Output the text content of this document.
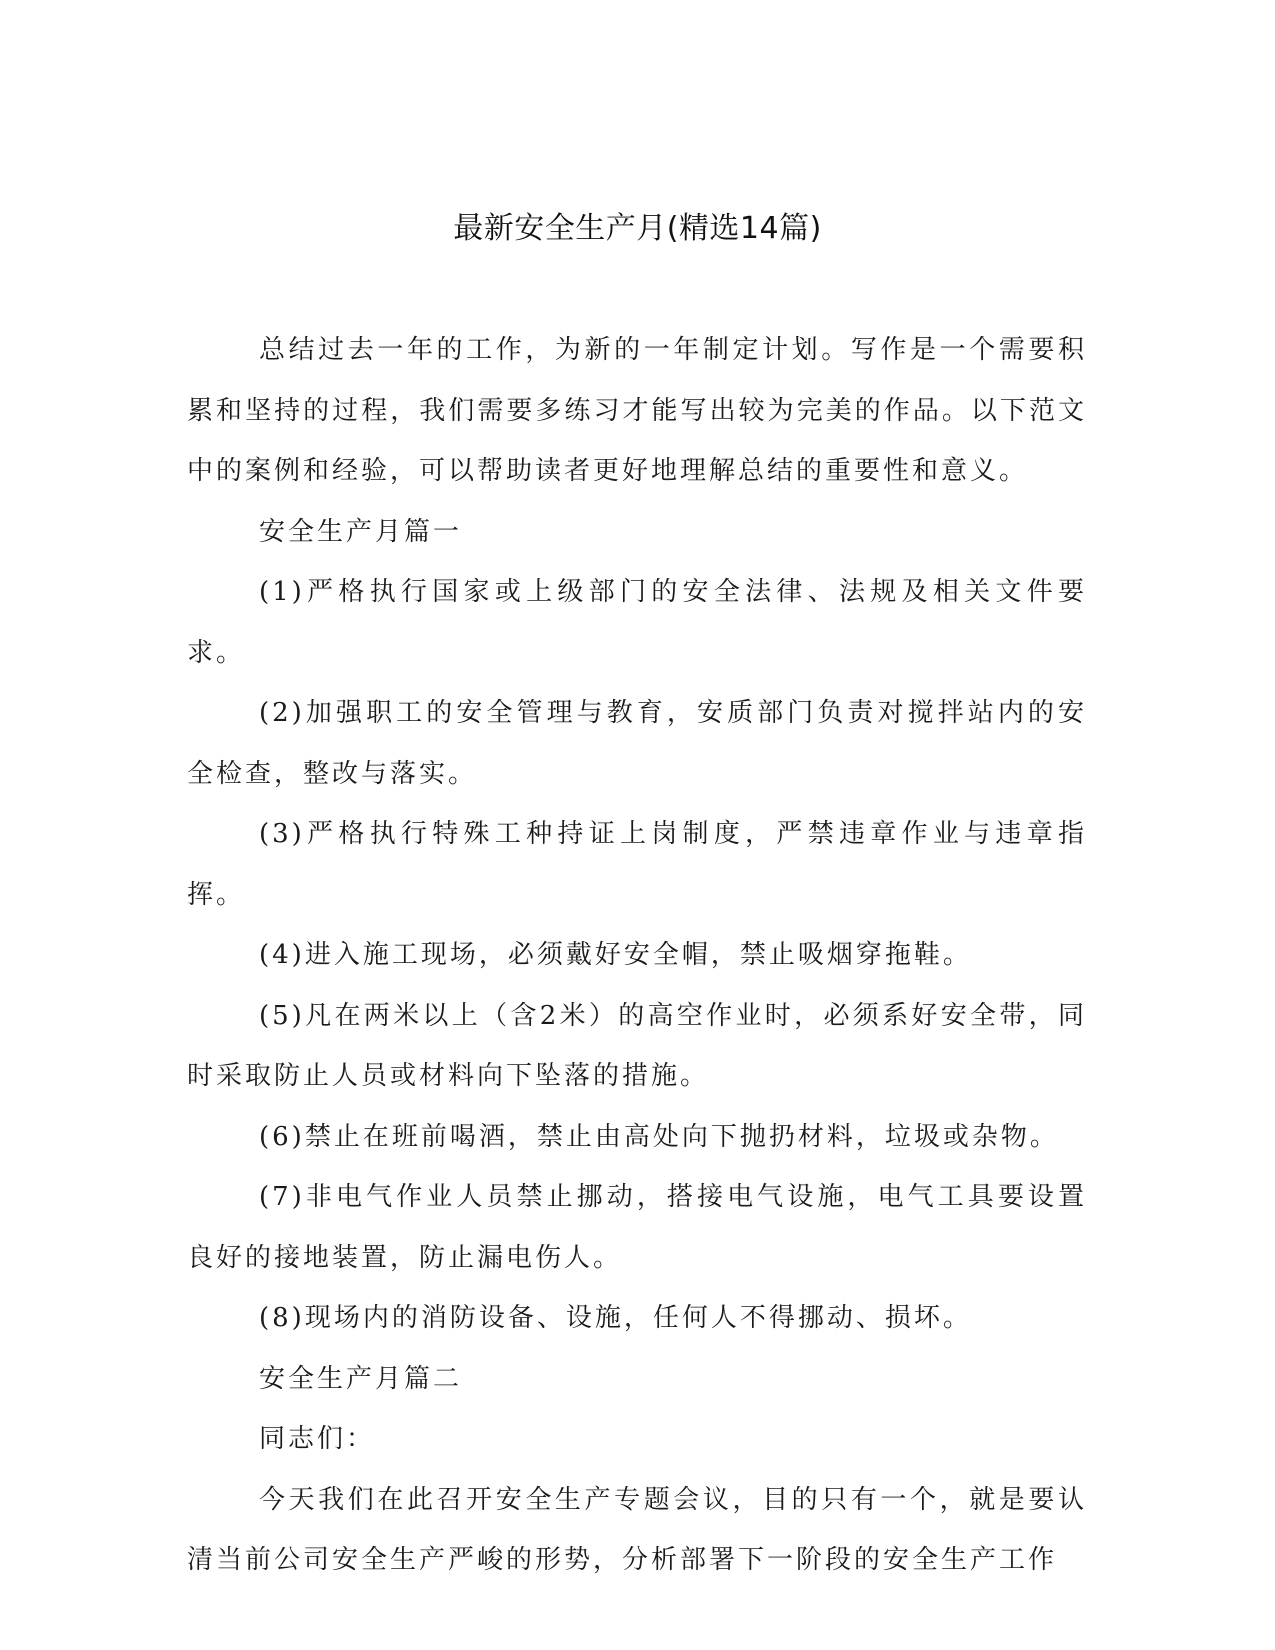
最新安全生产月(精选14篇)

总结过去一年的工作，为新的一年制定计划。写作是一个需要积累和坚持的过程，我们需要多练习才能写出较为完美的作品。以下范文中的案例和经验，可以帮助读者更好地理解总结的重要性和意义。

安全生产月篇一

(1)严格执行国家或上级部门的安全法律、法规及相关文件要求。

(2)加强职工的安全管理与教育，安质部门负责对搅拌站内的安全检查，整改与落实。

(3)严格执行特殊工种持证上岗制度，严禁违章作业与违章指挥。

(4)进入施工现场，必须戴好安全帽，禁止吸烟穿拖鞋。

(5)凡在两米以上（含2米）的高空作业时，必须系好安全带，同时采取防止人员或材料向下坠落的措施。

(6)禁止在班前喝酒，禁止由高处向下抛扔材料，垃圾或杂物。

(7)非电气作业人员禁止挪动，搭接电气设施，电气工具要设置良好的接地装置，防止漏电伤人。

(8)现场内的消防设备、设施，任何人不得挪动、损坏。

安全生产月篇二

同志们：

今天我们在此召开安全生产专题会议，目的只有一个，就是要认清当前公司安全生产严峻的形势，分析部署下一阶段的安全生产工作
